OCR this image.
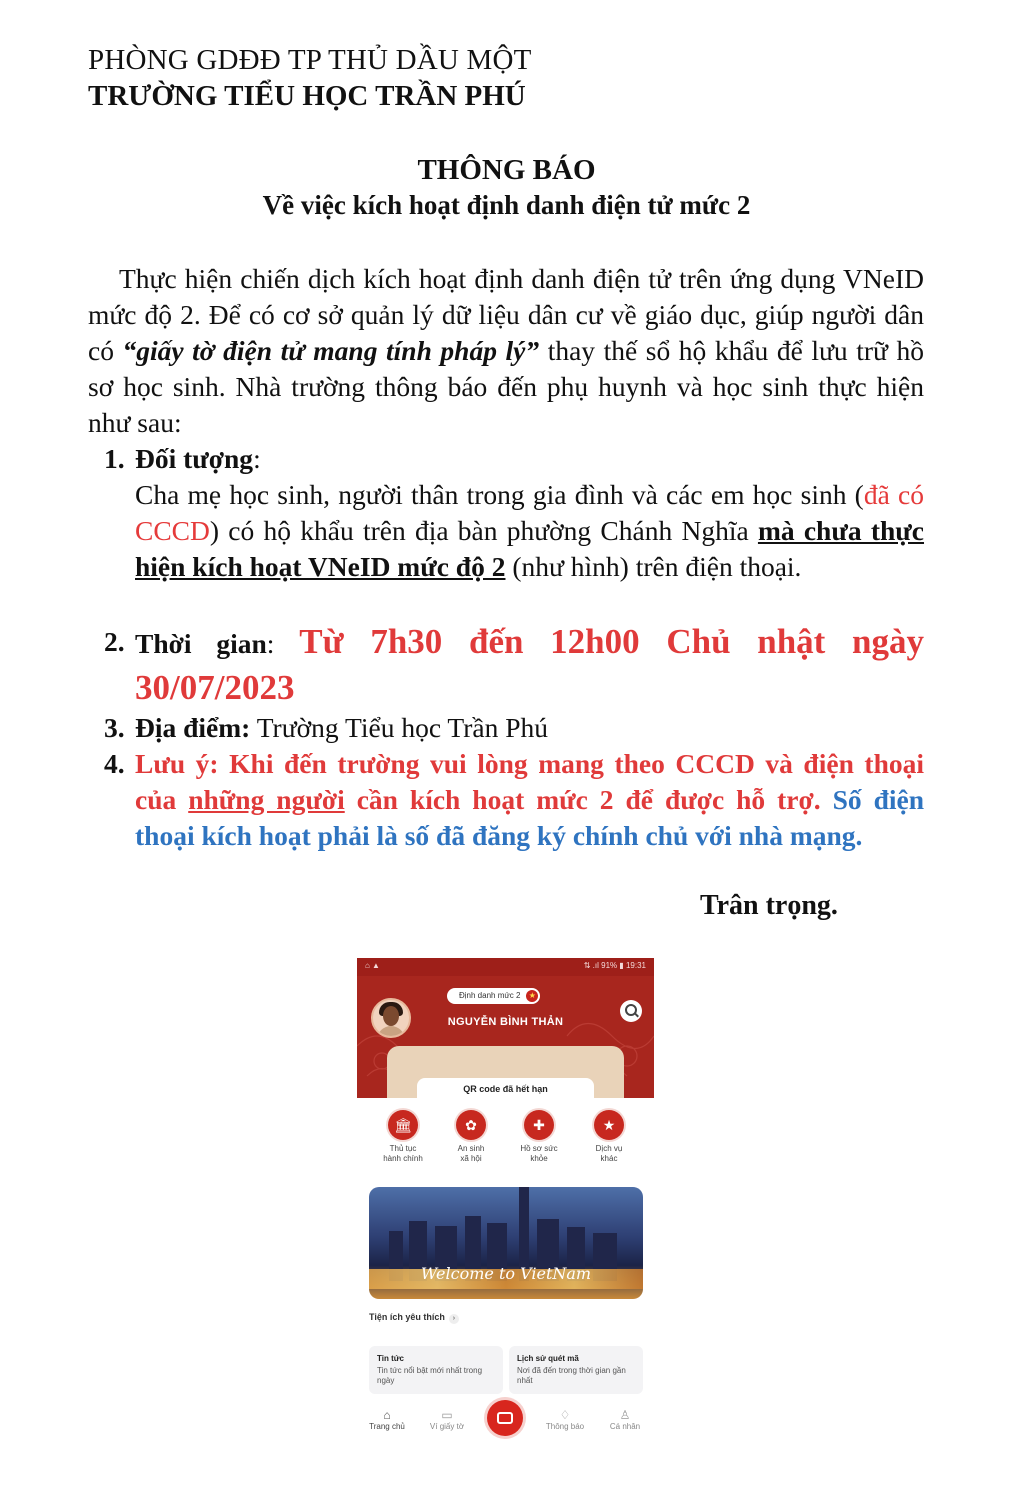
PHÒNG GDĐĐ TP THỦ DẦU MỘT
TRƯỜNG TIỂU HỌC TRẦN PHÚ
THÔNG BÁO
Về việc kích hoạt định danh điện tử mức 2
Thực hiện chiến dịch kích hoạt định danh điện tử trên ứng dụng VNeID mức độ 2. Để có cơ sở quản lý dữ liệu dân cư về giáo dục, giúp người dân có “giấy tờ điện tử mang tính pháp lý” thay thế sổ hộ khẩu để lưu trữ hồ sơ học sinh. Nhà trường thông báo đến phụ huynh và học sinh thực hiện như sau:
1. Đối tượng:
Cha mẹ học sinh, người thân trong gia đình và các em học sinh (đã có CCCD) có hộ khẩu trên địa bàn phường Chánh Nghĩa mà chưa thực hiện kích hoạt VNeID mức độ 2 (như hình) trên điện thoại.
2. Thời gian: Từ 7h30 đến 12h00 Chủ nhật ngày 30/07/2023
3. Địa điểm: Trường Tiểu học Trần Phú
4. Lưu ý: Khi đến trường vui lòng mang theo CCCD và điện thoại của những người cần kích hoạt mức 2 để được hỗ trợ. Số điện thoại kích hoạt phải là số đã đăng ký chính chủ với nhà mạng.
Trân trọng.
⌂ ▲	⇅ .ıl 91% ▮ 19:31
Định danh mức 2	★
NGUYỄN BÌNH THẢN
QR code đã hết hạn
🏛
Thủ tục
hành chính
✿
An sinh
xã hội
✚
Hồ sơ sức
khỏe
★
Dịch vụ
khác
Welcome to VietNam
Tiện ích yêu thích ›
Tin tức
Tin tức nổi bật mới nhất trong ngày
Lịch sử quét mã
Nơi đã đến trong thời gian gần nhất
⌂
Trang chủ
▭
Ví giấy tờ
♢
Thông báo
♙
Cá nhân
